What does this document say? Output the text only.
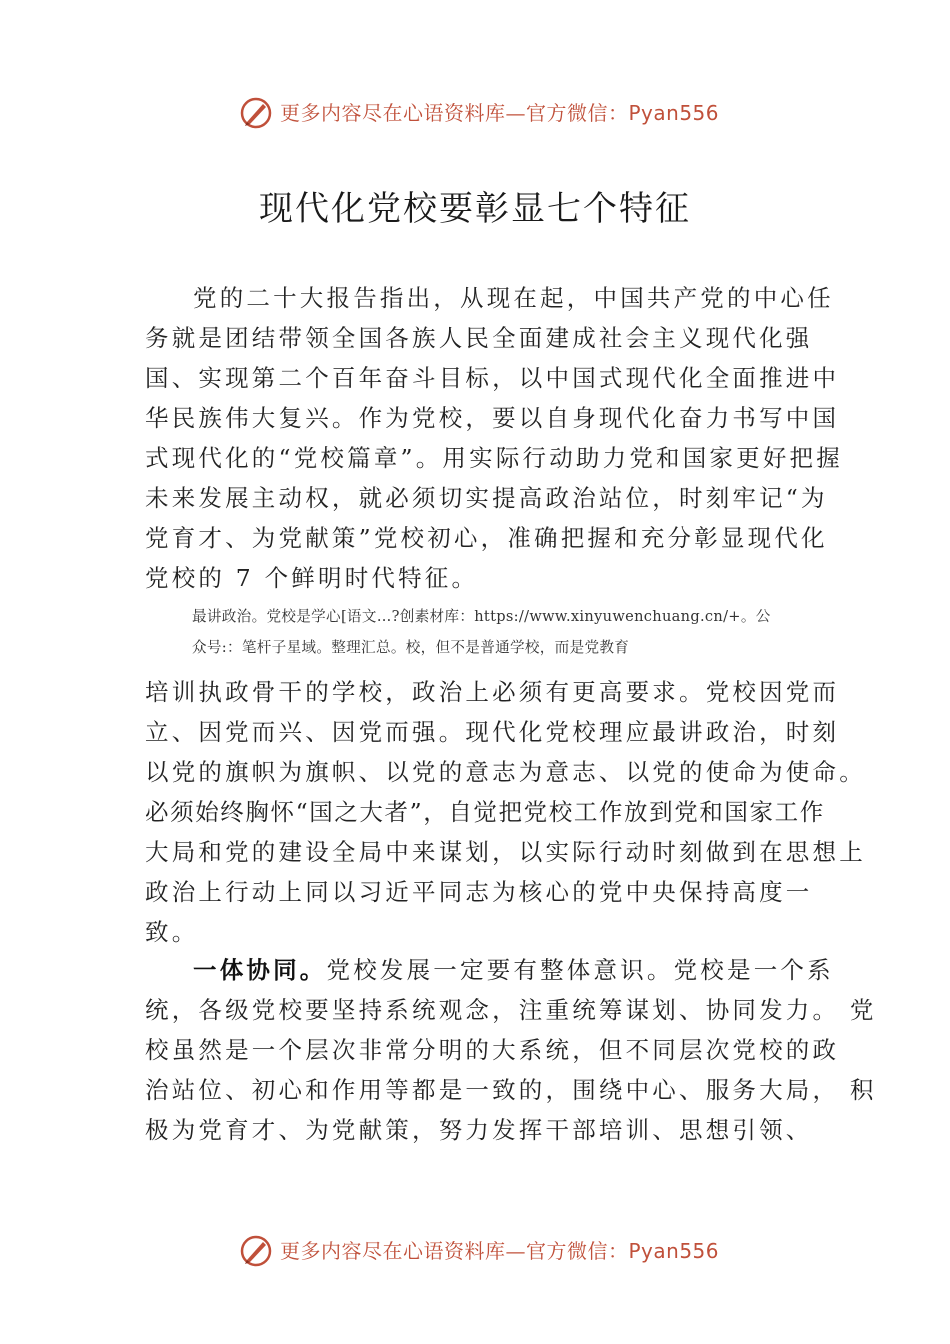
更多内容尽在心语资料库—官方微信：Pyan556
现代化党校要彰显七个特征
党的二十大报告指出，从现在起，中国共产党的中心任
务就是团结带领全国各族人民全面建成社会主义现代化强
国、实现第二个百年奋斗目标，以中国式现代化全面推进中
华民族伟大复兴。作为党校，要以自身现代化奋力书写中国
式现代化的“党校篇章”。用实际行动助力党和国家更好把握
未来发展主动权，就必须切实提高政治站位，时刻牢记“为
党育才、为党献策”党校初心，准确把握和充分彰显现代化
党校的 7 个鲜明时代特征。
最讲政治。党校是学心[语文…?创素材库：https://www.xinyuwenchuang.cn/+。公
众号:：笔杆子星域。整理汇总。校，但不是普通学校，而是党教育
培训执政骨干的学校，政治上必须有更高要求。党校因党而
立、因党而兴、因党而强。现代化党校理应最讲政治，时刻
以党的旗帜为旗帜、以党的意志为意志、以党的使命为使命。
必须始终胸怀“国之大者”，自觉把党校工作放到党和国家工作
大局和党的建设全局中来谋划，以实际行动时刻做到在思想上
政治上行动上同以习近平同志为核心的党中央保持高度一
致。
一体协同。党校发展一定要有整体意识。党校是一个系
统，各级党校要坚持系统观念，注重统筹谋划、协同发力。 党
校虽然是一个层次非常分明的大系统，但不同层次党校的政
治站位、初心和作用等都是一致的，围绕中心、服务大局， 积
极为党育才、为党献策，努力发挥干部培训、思想引领、
更多内容尽在心语资料库—官方微信：Pyan556
